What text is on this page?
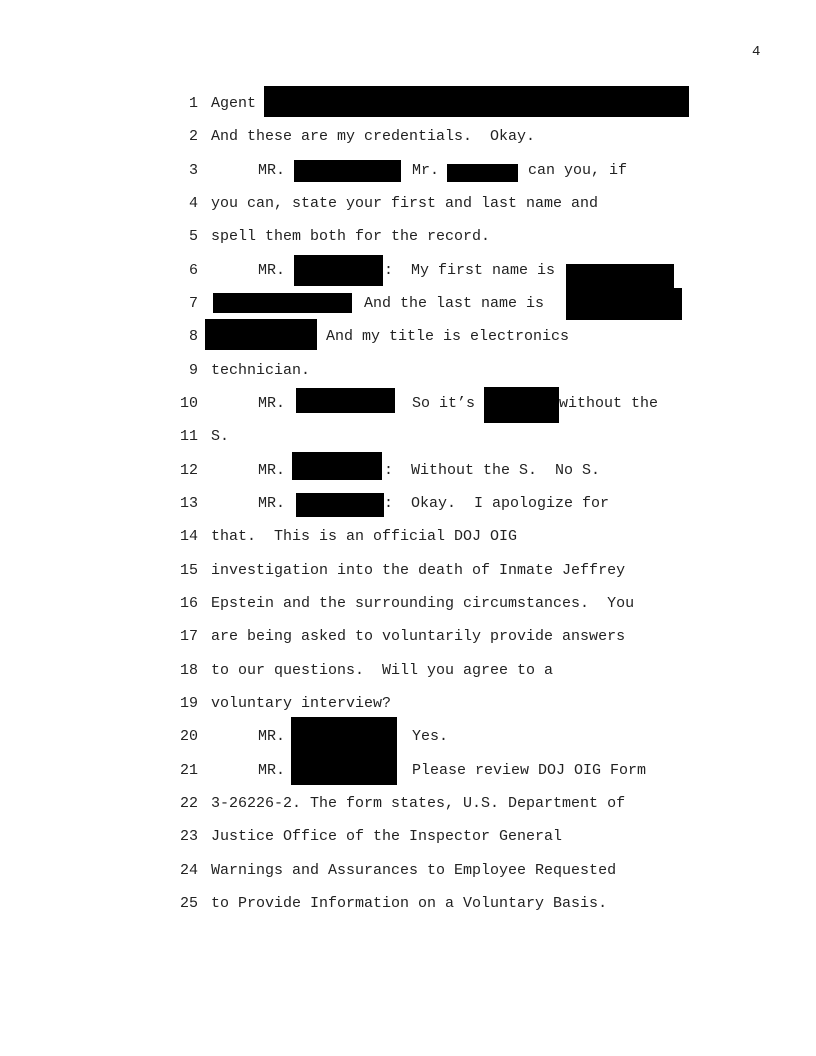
4
1
2
3
4
5
6
7
8
9
10
11
12
13
14
15
16
17
18
19
20
21
22
23
24
25
Agent
And these are my credentials.  Okay.
MR.	Mr.	can you, if
you can, state your first and last name and
spell them both for the record.
MR.	:  My first name is
And the last name is
And my title is electronics
technician.
MR.	So it’s	without the
S.
MR.	:  Without the S.  No S.
MR.	:  Okay.  I apologize for
that.  This is an official DOJ OIG
investigation into the death of Inmate Jeffrey
Epstein and the surrounding circumstances.  You
are being asked to voluntarily provide answers
to our questions.  Will you agree to a
voluntary interview?
MR.	Yes.
MR.	Please review DOJ OIG Form
3-26226-2. The form states, U.S. Department of
Justice Office of the Inspector General
Warnings and Assurances to Employee Requested
to Provide Information on a Voluntary Basis.
